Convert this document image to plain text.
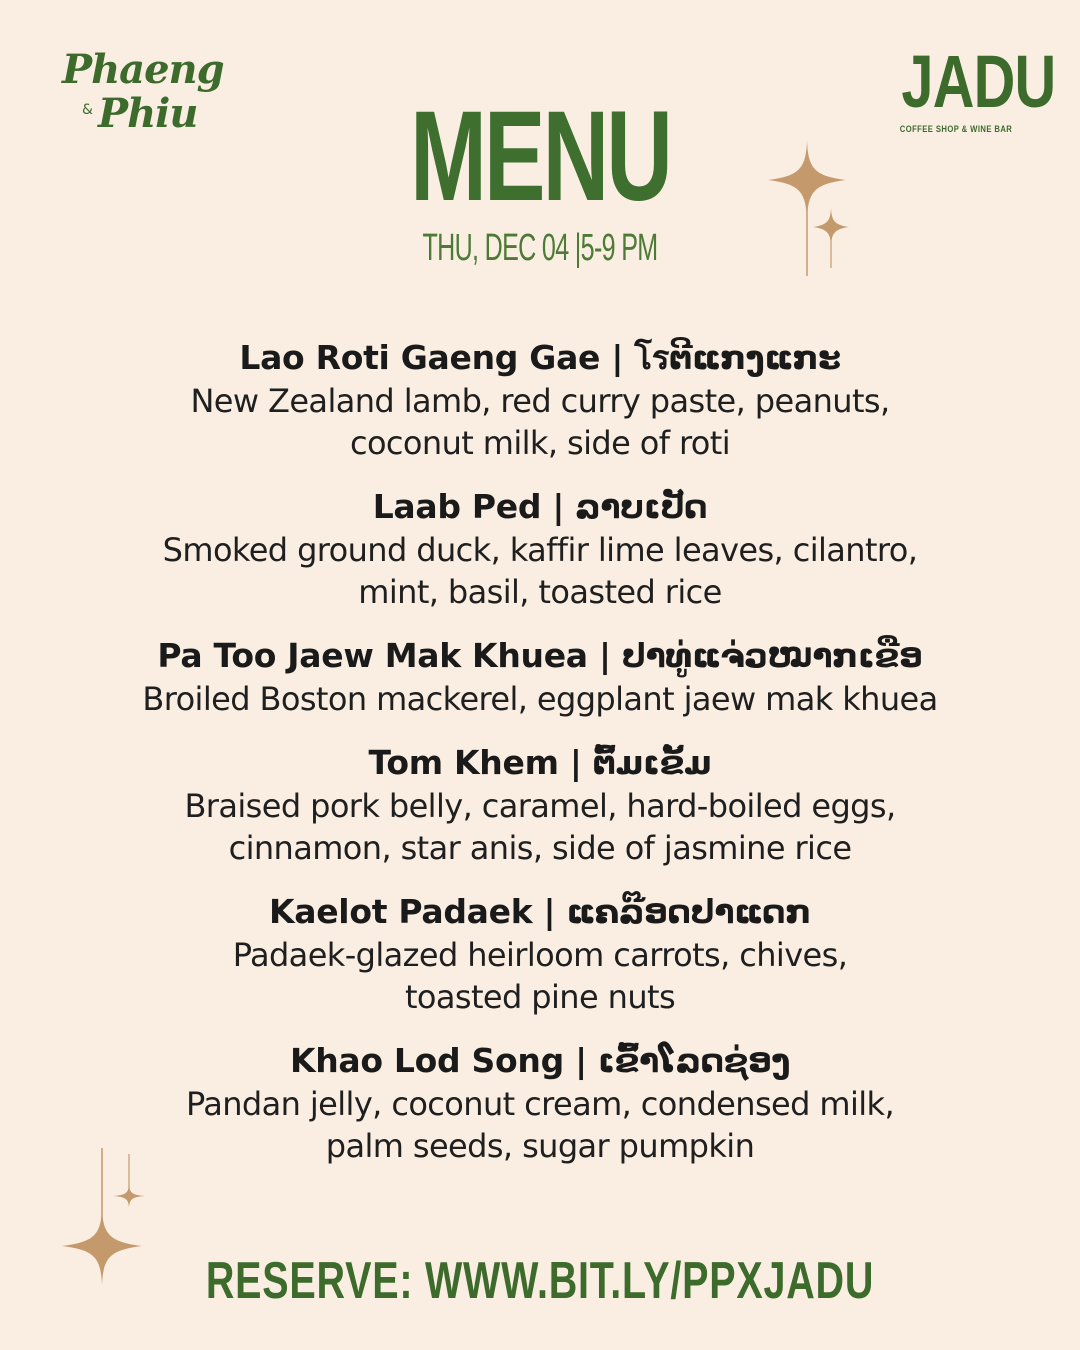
Phaeng
& Phiu	JADU
COFFEE SHOP & WINE BAR
MENU
THU, DEC 04 |5-9 PM
Lao Roti Gaeng Gae | โรຕີແກງແກະ
New Zealand lamb, red curry paste, peanuts,
coconut milk, side of roti
Laab Ped | ລາບເປັດ
Smoked ground duck, kaffir lime leaves, cilantro,
mint, basil, toasted rice
Pa Too Jaew Mak Khuea | ປາທູ່ແຈ່ວໝາກເຂືອ
Broiled Boston mackerel, eggplant jaew mak khuea
Tom Khem | ຕົ້ມເຂັ້ມ
Braised pork belly, caramel, hard-boiled eggs,
cinnamon, star anis, side of jasmine rice
Kaelot Padaek | ແຄລ໊ອດປາແດກ
Padaek-glazed heirloom carrots, chives,
toasted pine nuts
Khao Lod Song | ເຂົ້າໂລດຊ່ອງ
Pandan jelly, coconut cream, condensed milk,
palm seeds, sugar pumpkin
RESERVE: WWW.BIT.LY/PPXJADU
